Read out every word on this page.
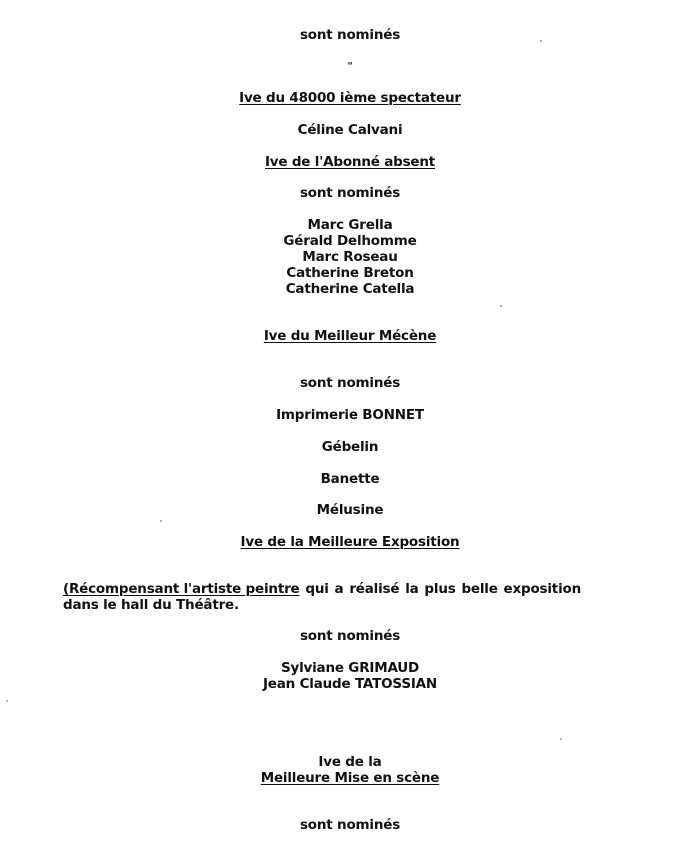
sont nominés
"
Ive du 48000 ième spectateur
Céline Calvani
Ive de l'Abonné absent
sont nominés
Marc Grella
Gérald Delhomme
Marc Roseau
Catherine Breton
Catherine Catella
Ive du Meilleur Mécène
sont nominés
Imprimerie BONNET
Gébelin
Banette
Mélusine
Ive de la Meilleure Exposition
(Récompensant l'artiste peintre qui a réalisé la plus belle exposition
dans le hall du Théâtre.
sont nominés
Sylviane GRIMAUD
Jean Claude TATOSSIAN
Ive de la
Meilleure Mise en scène
sont nominés
